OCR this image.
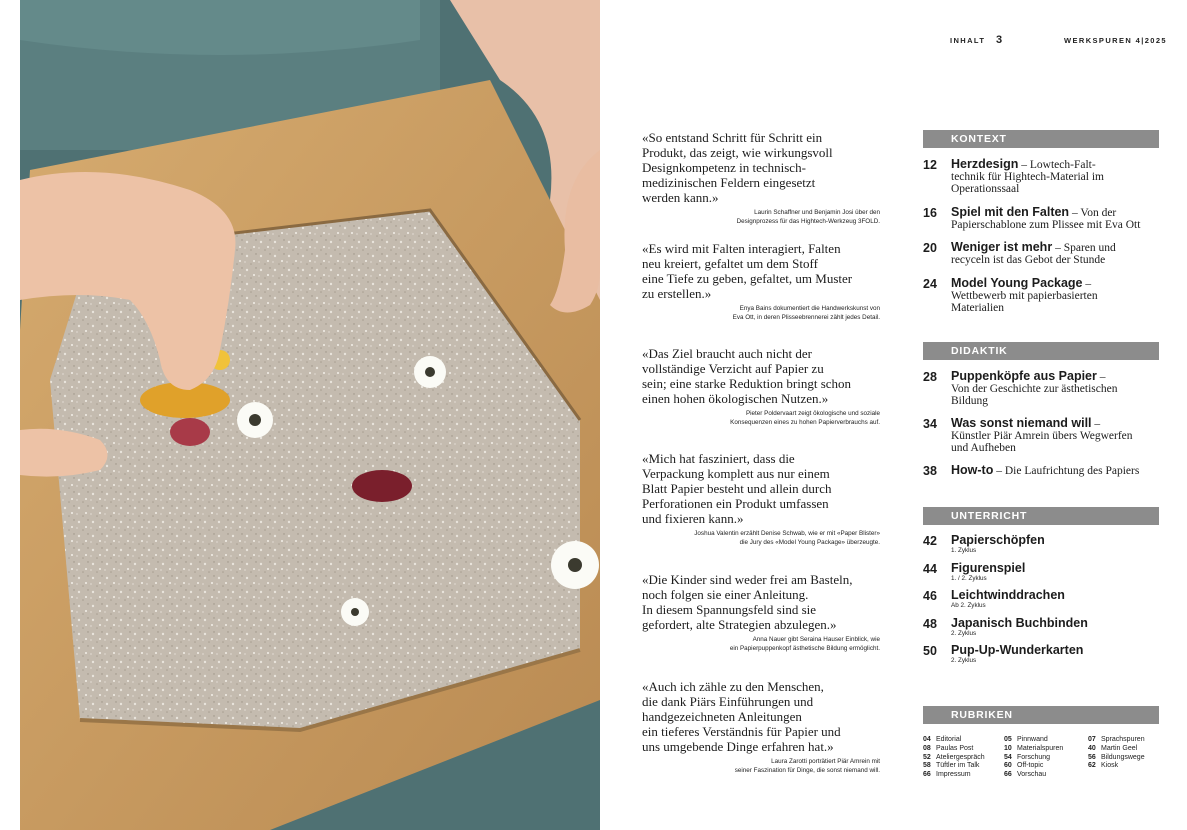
INHALT 3	WERKSPUREN 4|2025
«So entstand Schritt für Schritt ein
Produkt, das zeigt, wie wirkungsvoll
Designkompetenz in technisch-
medizinischen Feldern eingesetzt
werden kann.»
Laurin Schaffner und Benjamin Josi über den
Designprozess für das Hightech-Werkzeug 3FOLD.
«Es wird mit Falten interagiert, Falten
neu kreiert, gefaltet um dem Stoff
eine Tiefe zu geben, gefaltet, um Muster
zu erstellen.»
Enya Bains dokumentiert die Handwerkskunst von
Eva Ott, in deren Plisseebrennerei zählt jedes Detail.
«Das Ziel braucht auch nicht der
vollständige Verzicht auf Papier zu
sein; eine starke Reduktion bringt schon
einen hohen ökologischen Nutzen.»
Pieter Poldervaart zeigt ökologische und soziale
Konsequenzen eines zu hohen Papierverbrauchs auf.
«Mich hat fasziniert, dass die
Verpackung komplett aus nur einem
Blatt Papier besteht und allein durch
Perforationen ein Produkt umfassen
und fixieren kann.»
Joshua Valentin erzählt Denise Schwab, wie er mit «Paper Blister»
die Jury des «Model Young Package» überzeugte.
«Die Kinder sind weder frei am Basteln,
noch folgen sie einer Anleitung.
In diesem Spannungsfeld sind sie
gefordert, alte Strategien abzulegen.»
Anna Nauer gibt Seraina Hauser Einblick, wie
ein Papierpuppenkopf ästhetische Bildung ermöglicht.
«Auch ich zähle zu den Menschen,
die dank Piärs Einführungen und
handgezeichneten Anleitungen
ein tieferes Verständnis für Papier und
uns umgebende Dinge erfahren hat.»
Laura Zarotti porträtiert Piär Amrein mit
seiner Faszination für Dinge, die sonst niemand will.
KONTEXT
12 Herzdesign – Lowtech-Falt-
technik für Hightech-Material im
Operationssaal
16 Spiel mit den Falten – Von der
Papierschablone zum Plissee mit Eva Ott
20 Weniger ist mehr – Sparen und
recyceln ist das Gebot der Stunde
24 Model Young Package –
Wettbewerb mit papierbasierten
Materialien
DIDAKTIK
28 Puppenköpfe aus Papier –
Von der Geschichte zur ästhetischen
Bildung
34 Was sonst niemand will –
Künstler Piär Amrein übers Wegwerfen
und Aufheben
38 How-to – Die Laufrichtung des Papiers
UNTERRICHT
42 Papierschöpfen
1. Zyklus
44 Figurenspiel
1. / 2. Zyklus
46 Leichtwinddrachen
Ab 2. Zyklus
48 Japanisch Buchbinden
2. Zyklus
50 Pup-Up-Wunderkarten
2. Zyklus
RUBRIKEN
04 Editorial
08 Paulas Post
52 Ateliergespräch
58 Tüftler im Talk
66 Impressum
05 Pinnwand
10 Materialspuren
54 Forschung
60 Off-topic
66 Vorschau
07 Sprachspuren
40 Martin Geel
56 Bildungswege
62 Kiosk
